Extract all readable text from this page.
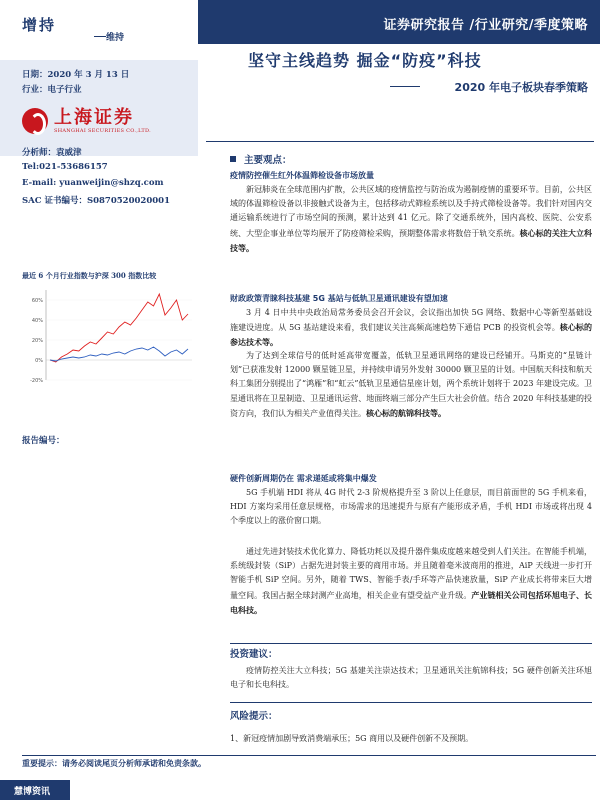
增持
维持
日期：2020 年 3 月 13 日
行业：电子行业
上海证券
SHANGHAI SECURITIES CO.,LTD.
分析师：袁威津
Tel:021-53686157
E-mail: yuanweijin@shzq.com
SAC 证书编号：S0870520020001
最近 6 个月行业指数与沪深 300 指数比较
-20%
0%
20%
40%
60%
报告编号：
证券研究报告 /行业研究/季度策略
坚守主线趋势 掘金“防疫”科技
2020 年电子板块春季策略
主要观点：
疫情防控催生红外体温筛检设备市场放量
新冠肺炎在全球范围内扩散，公共区域的疫情监控与防治成为遏制疫情的重要环节。目前，公共区域的体温筛检设备以非接触式设备为主，包括移动式筛检系统以及手持式筛检设备等。我们针对国内交通运输系统进行了市场空间的预测，累计达到 41 亿元。除了交通系统外，国内高校、医院、公安系统、大型企事业单位等均展开了防疫筛检采购，预期整体需求将数倍于轨交系统。核心标的关注大立科技等。
财政政策青睐科技基建 5G 基站与低轨卫星通讯建设有望加速
3 月 4 日中共中央政治局常务委员会召开会议，会议指出加快 5G 网络、数据中心等新型基础设施建设进度。从 5G 基站建设来看，我们建议关注高频高速趋势下通信 PCB 的投资机会等。核心标的参达技术等。
为了达到全球信号的低时延高带宽覆盖，低轨卫星通讯网络的建设已经铺开。马斯克的“星链计划”已获准发射 12000 颗星链卫星，并持续申请另外发射 30000 颗卫星的计划。中国航天科技和航天科工集团分别提出了“鸿雁”和“虹云”低轨卫星通信星座计划，两个系统计划将于 2023 年建设完成。卫星通讯将在卫星制造、卫星通讯运营、地面终端三部分产生巨大社会价值。结合 2020 年科技基建的投资方向，我们认为相关产业值得关注。核心标的航锦科技等。
硬件创新周期仍在 需求递延或将集中爆发
5G 手机端 HDI 将从 4G 时代 2-3 阶规格提升至 3 阶以上任意层，而目前面世的 5G 手机来看，HDI 方案均采用任意层规格，市场需求的迅速提升与原有产能形成矛盾，手机 HDI 市场或将出现 4 个季度以上的涨价窗口期。
通过先进封装技术优化算力、降低功耗以及提升器件集成度越来越受到人们关注。在智能手机端，系统级封装（SiP）占据先进封装主要的商用市场。并且随着毫米波商用的推进，AiP 天线进一步打开智能手机 SiP 空间。另外，随着 TWS、智能手表/手环等产品快速放量，SiP 产业成长将带来巨大增量空间。我国占据全球封测产业高地，相关企业有望受益产业升级。产业链相关公司包括环旭电子、长电科技。
投资建议：
疫情防控关注大立科技；5G 基建关注崇达技术；卫星通讯关注航锦科技；5G 硬件创新关注环旭电子和长电科技。
风险提示：
1、新冠疫情加剧导致消费端承压；5G 商用以及硬件创新不及预期。
重要提示：请务必阅读尾页分析师承诺和免责条款。
慧博资讯
